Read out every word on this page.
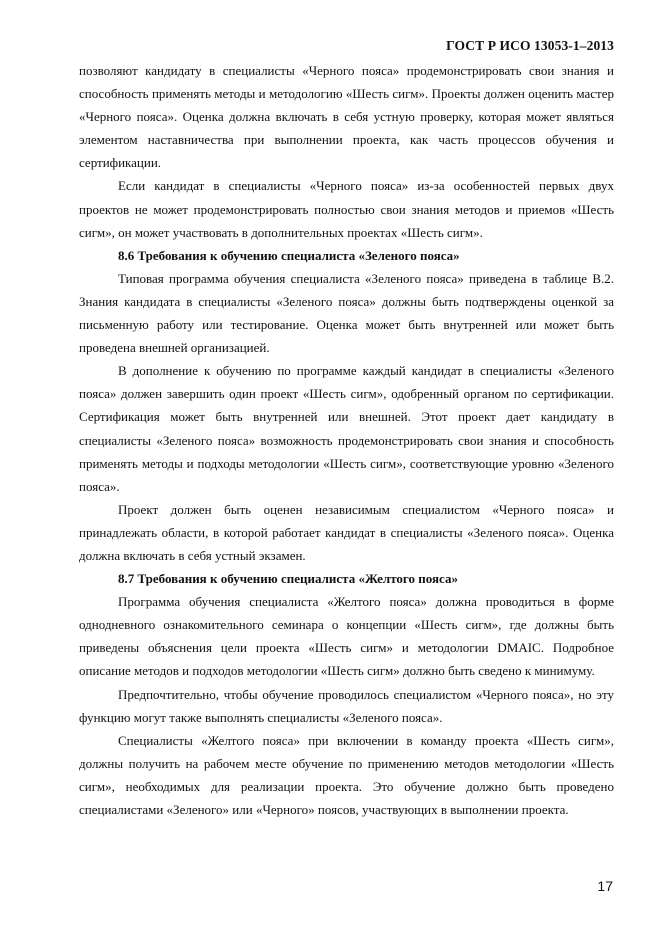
ГОСТ Р ИСО 13053-1–2013

позволяют кандидату в специалисты «Черного пояса» продемонстрировать свои знания и способность применять методы и методологию «Шесть сигм». Проекты должен оценить мастер «Черного пояса». Оценка должна включать в себя устную проверку, которая может являться элементом наставничества при выполнении проекта, как часть процессов обучения и сертификации.

Если кандидат в специалисты «Черного пояса» из-за особенностей первых двух проектов не может продемонстрировать полностью свои знания методов и приемов «Шесть сигм», он может участвовать в дополнительных проектах «Шесть сигм».

8.6 Требования к обучению специалиста «Зеленого пояса»

Типовая программа обучения специалиста «Зеленого пояса» приведена в таблице В.2. Знания кандидата в специалисты «Зеленого пояса» должны быть подтверждены оценкой за письменную работу или тестирование. Оценка может быть внутренней или может быть проведена внешней организацией.

В дополнение к обучению по программе каждый кандидат в специалисты «Зеленого пояса» должен завершить один проект «Шесть сигм», одобренный органом по сертификации. Сертификация может быть внутренней или внешней. Этот проект дает кандидату в специалисты «Зеленого пояса» возможность продемонстрировать свои знания и способность применять методы и подходы методологии «Шесть сигм», соответствующие уровню «Зеленого пояса».

Проект должен быть оценен независимым специалистом «Черного пояса» и принадлежать области, в которой работает кандидат в специалисты «Зеленого пояса». Оценка должна включать в себя устный экзамен.

8.7 Требования к обучению специалиста «Желтого пояса»

Программа обучения специалиста «Желтого пояса» должна проводиться в форме однодневного ознакомительного семинара о концепции «Шесть сигм», где должны быть приведены объяснения цели проекта «Шесть сигм» и методологии DMAIC. Подробное описание методов и подходов методологии «Шесть сигм» должно быть сведено к минимуму.

Предпочтительно, чтобы обучение проводилось специалистом «Черного пояса», но эту функцию могут также выполнять специалисты «Зеленого пояса».

Специалисты «Желтого пояса» при включении в команду проекта «Шесть сигм», должны получить на рабочем месте обучение по применению методов методологии «Шесть сигм», необходимых для реализации проекта. Это обучение должно быть проведено специалистами «Зеленого» или «Черного» поясов, участвующих в выполнении проекта.

17
